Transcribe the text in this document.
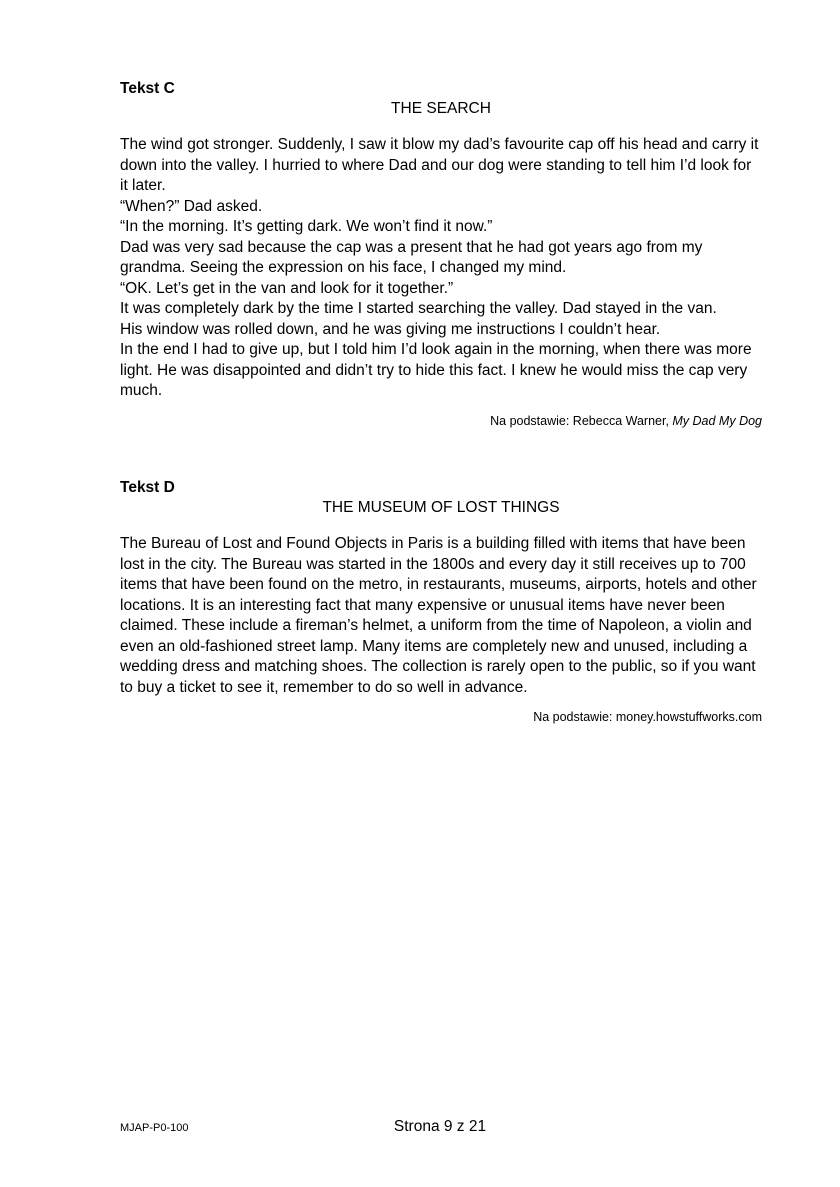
Tekst C
THE SEARCH

The wind got stronger. Suddenly, I saw it blow my dad’s favourite cap off his head and carry it down into the valley. I hurried to where Dad and our dog were standing to tell him I’d look for it later.

“When?” Dad asked.

“In the morning. It’s getting dark. We won’t find it now.”

Dad was very sad because the cap was a present that he had got years ago from my grandma. Seeing the expression on his face, I changed my mind.

“OK. Let’s get in the van and look for it together.”

It was completely dark by the time I started searching the valley. Dad stayed in the van.

His window was rolled down, and he was giving me instructions I couldn’t hear.

In the end I had to give up, but I told him I’d look again in the morning, when there was more light. He was disappointed and didn’t try to hide this fact. I knew he would miss the cap very much.

Na podstawie: Rebecca Warner, My Dad My Dog
Tekst D
THE MUSEUM OF LOST THINGS

The Bureau of Lost and Found Objects in Paris is a building filled with items that have been lost in the city. The Bureau was started in the 1800s and every day it still receives up to 700 items that have been found on the metro, in restaurants, museums, airports, hotels and other locations. It is an interesting fact that many expensive or unusual items have never been claimed. These include a fireman’s helmet, a uniform from the time of Napoleon, a violin and even an old-fashioned street lamp. Many items are completely new and unused, including a wedding dress and matching shoes. The collection is rarely open to the public, so if you want to buy a ticket to see it, remember to do so well in advance.

Na podstawie: money.howstuffworks.com
MJAP-P0-100	Strona 9 z 21
